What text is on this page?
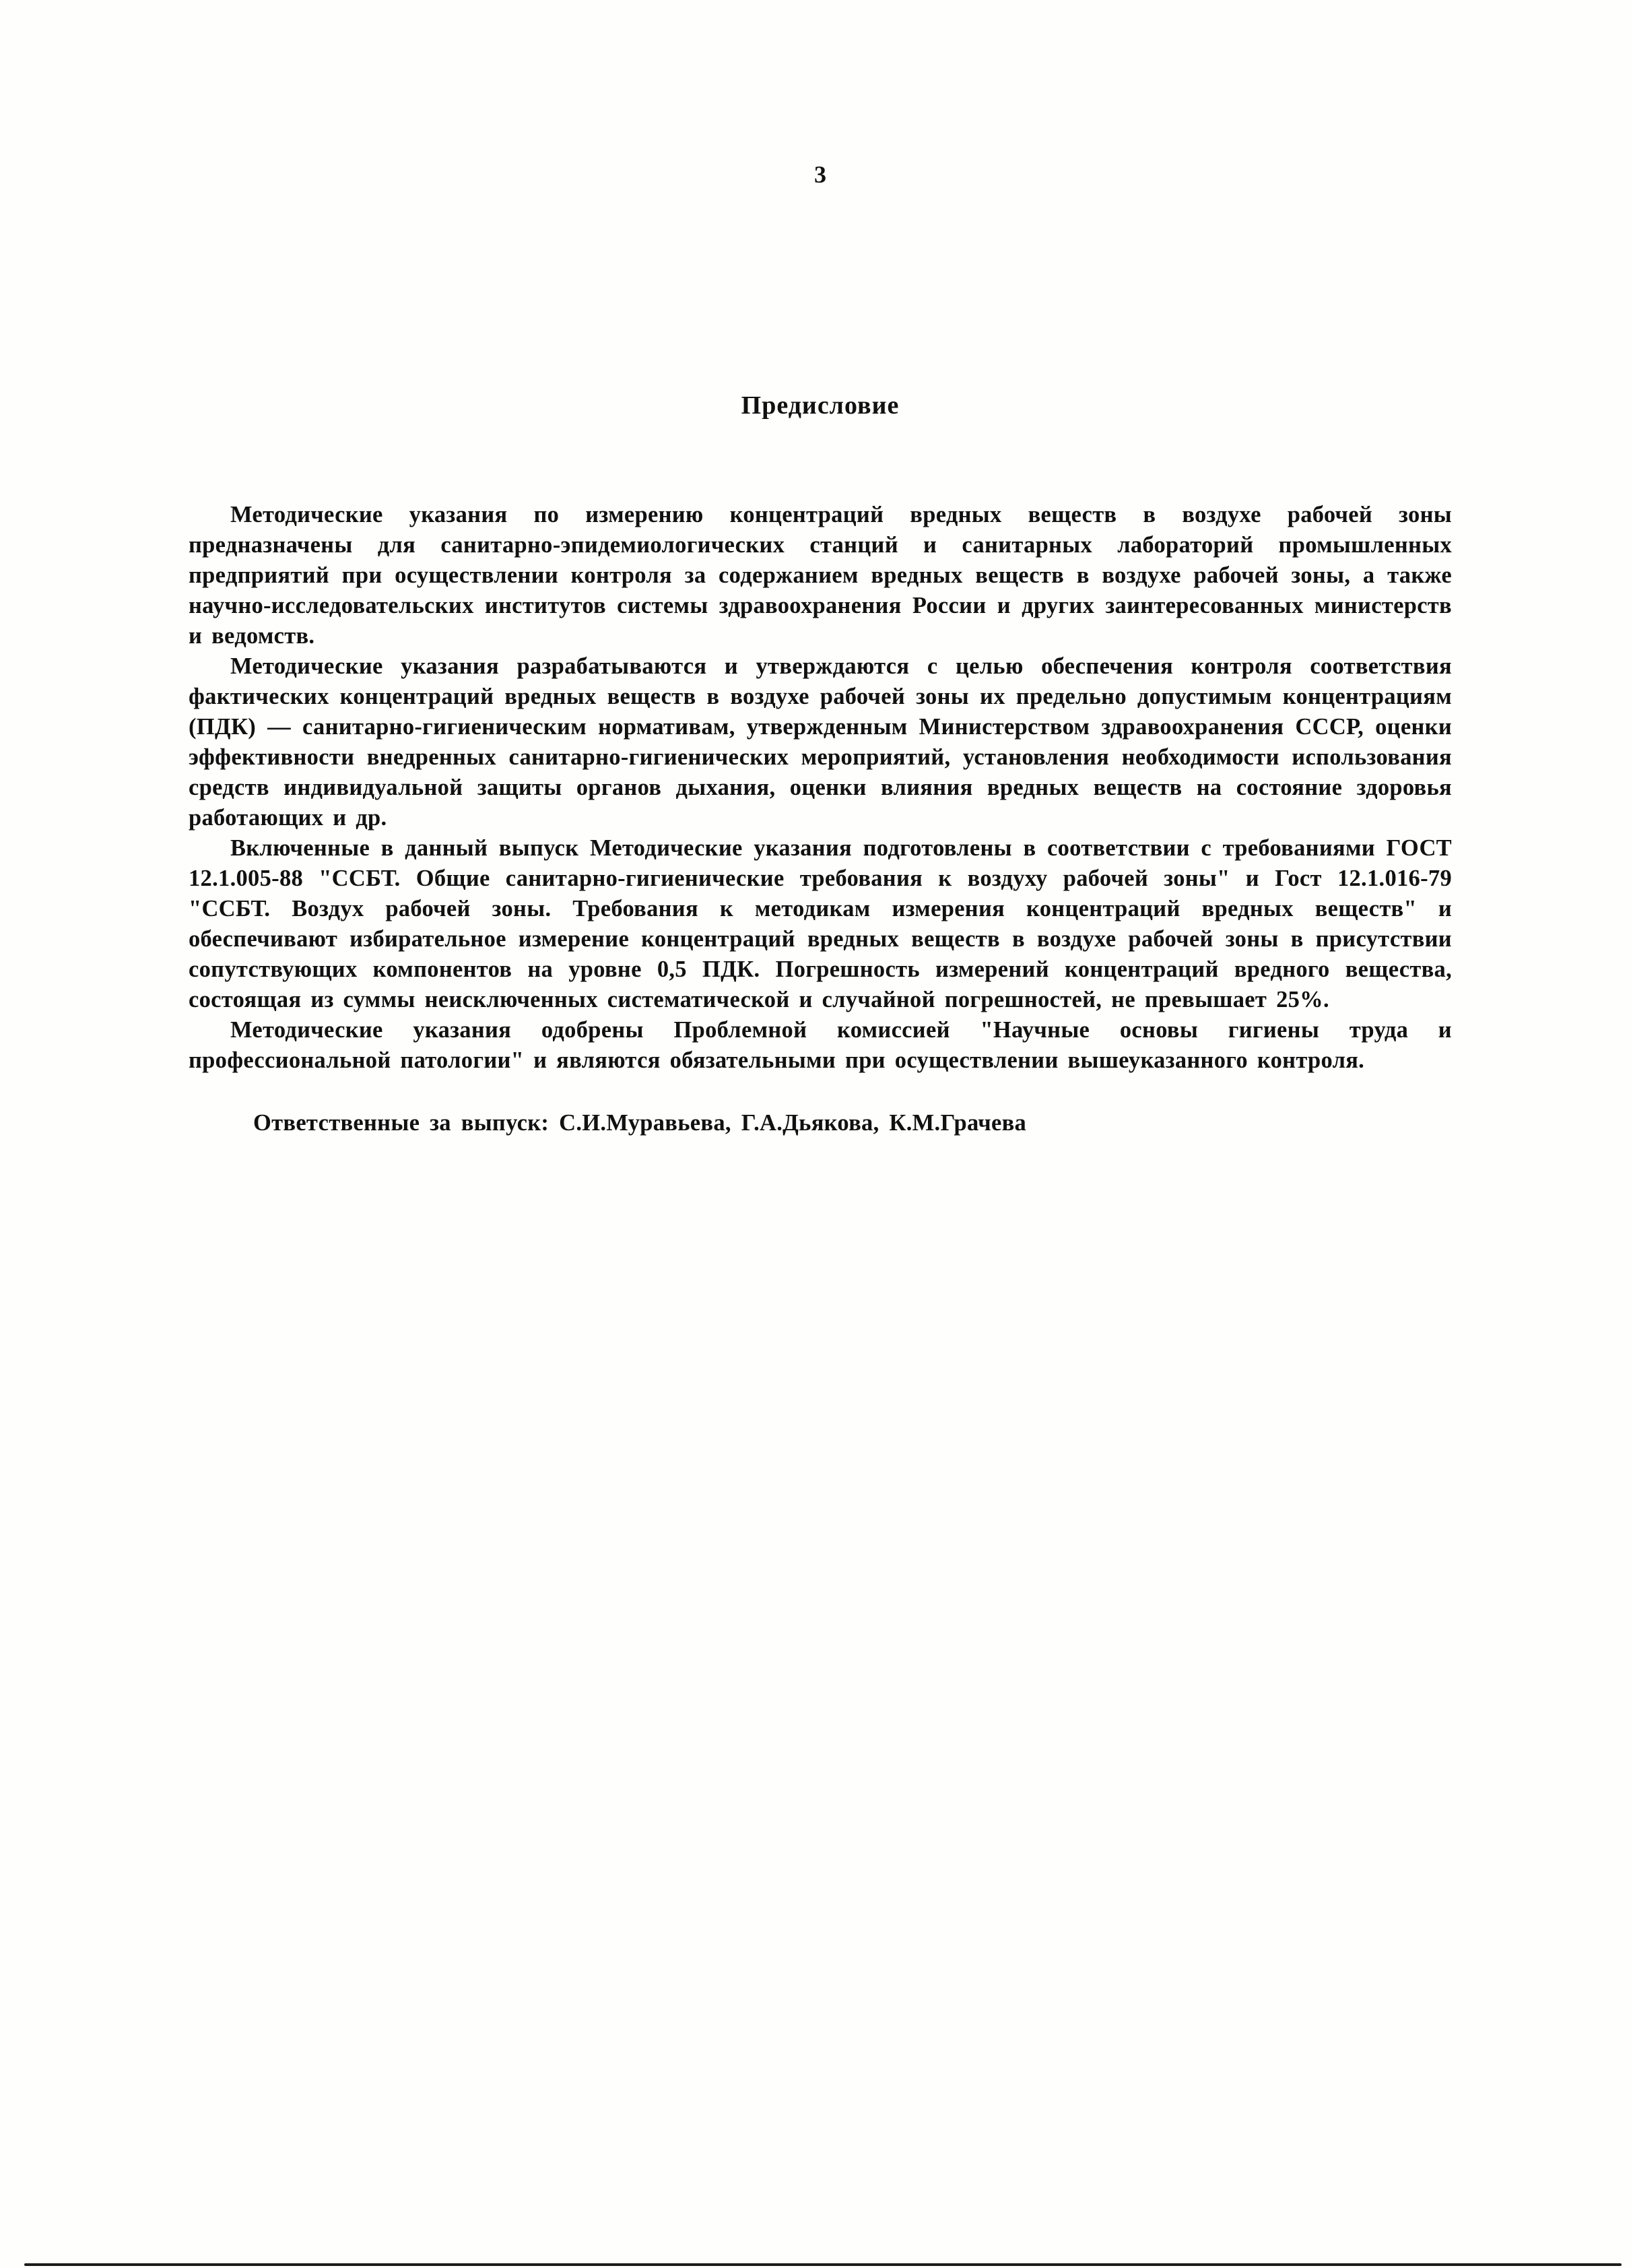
3
Предисловие

Методические указания по измерению концентраций вредных веществ в воздухе рабочей зоны предназначены для санитарно-эпидемиологических станций и санитарных лабораторий промышленных предприятий при осуществлении контроля за содержанием вредных веществ в воздухе рабочей зоны, а также научно-исследовательских институтов системы здравоохранения России и других заинтересованных министерств и ведомств.

Методические указания разрабатываются и утверждаются с целью обеспечения контроля соответствия фактических концентраций вредных веществ в воздухе рабочей зоны их предельно допустимым концентрациям (ПДК) — санитарно-гигиеническим нормативам, утвержденным Министерством здравоохранения СССР, оценки эффективности внедренных санитарно-гигиенических мероприятий, установления необходимости использования средств индивидуальной защиты органов дыхания, оценки влияния вредных веществ на состояние здоровья работающих и др.

Включенные в данный выпуск Методические указания подготовлены в соответствии с требованиями ГОСТ 12.1.005-88 "ССБТ. Общие санитарно-гигиенические требования к воздуху рабочей зоны" и Гост 12.1.016-79 "ССБТ. Воздух рабочей зоны. Требования к методикам измерения концентраций вредных веществ" и обеспечивают избирательное измерение концентраций вредных веществ в воздухе рабочей зоны в присутствии сопутствующих компонентов на уровне 0,5 ПДК. Погрешность измерений концентраций вредного вещества, состоящая из суммы неисключенных систематической и случайной погрешностей, не превышает 25%.

Методические указания одобрены Проблемной комиссией "Научные основы гигиены труда и профессиональной патологии" и являются обязательными при осуществлении вышеуказанного контроля.

Ответственные за выпуск: С.И.Муравьева, Г.А.Дьякова, К.М.Грачева
